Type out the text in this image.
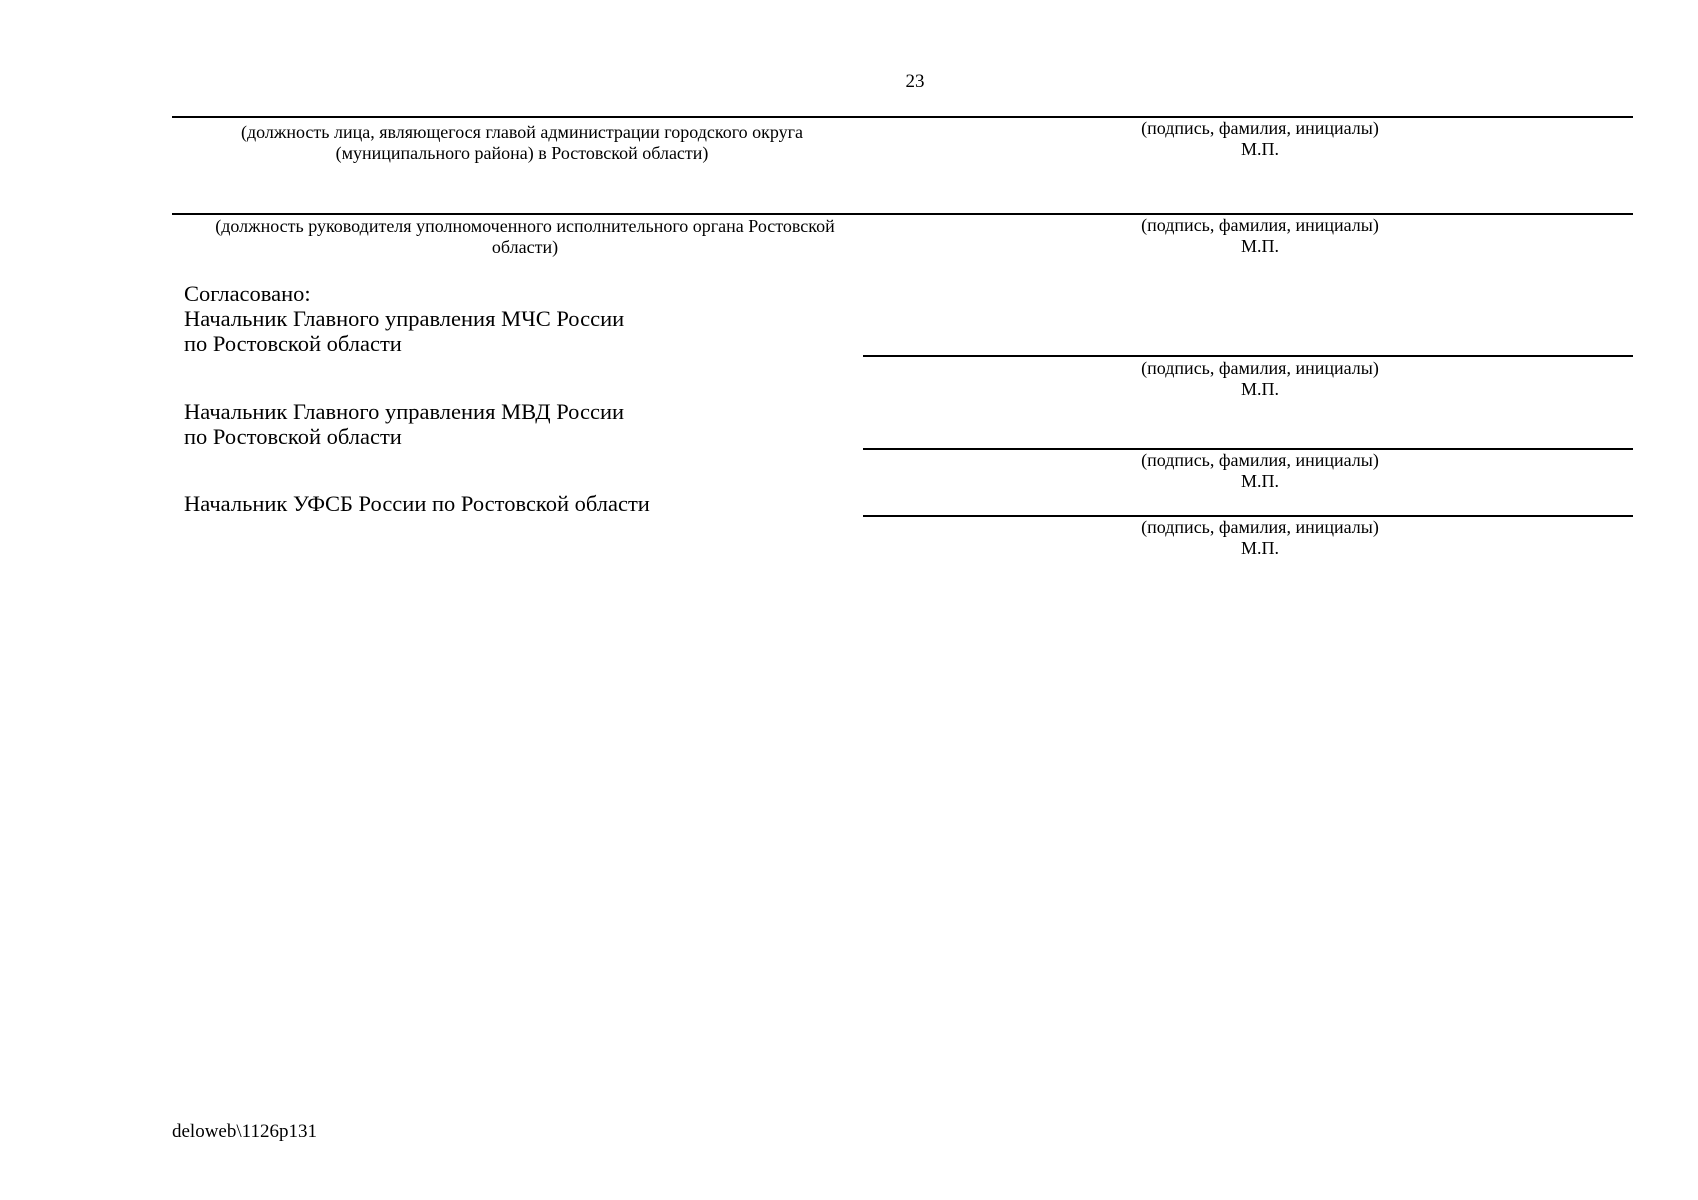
23
(должность лица, являющегося главой администрации городского округа (муниципального района) в Ростовской области)
(подпись, фамилия, инициалы)
М.П.
(должность руководителя уполномоченного исполнительного органа Ростовской области)
(подпись, фамилия, инициалы)
М.П.
Согласовано:
Начальник Главного управления МЧС России
по Ростовской области
(подпись, фамилия, инициалы)
М.П.
Начальник Главного управления МВД России
по Ростовской области
(подпись, фамилия, инициалы)
М.П.
Начальник УФСБ России по Ростовской области
(подпись, фамилия, инициалы)
М.П.
deloweb\1126p131
